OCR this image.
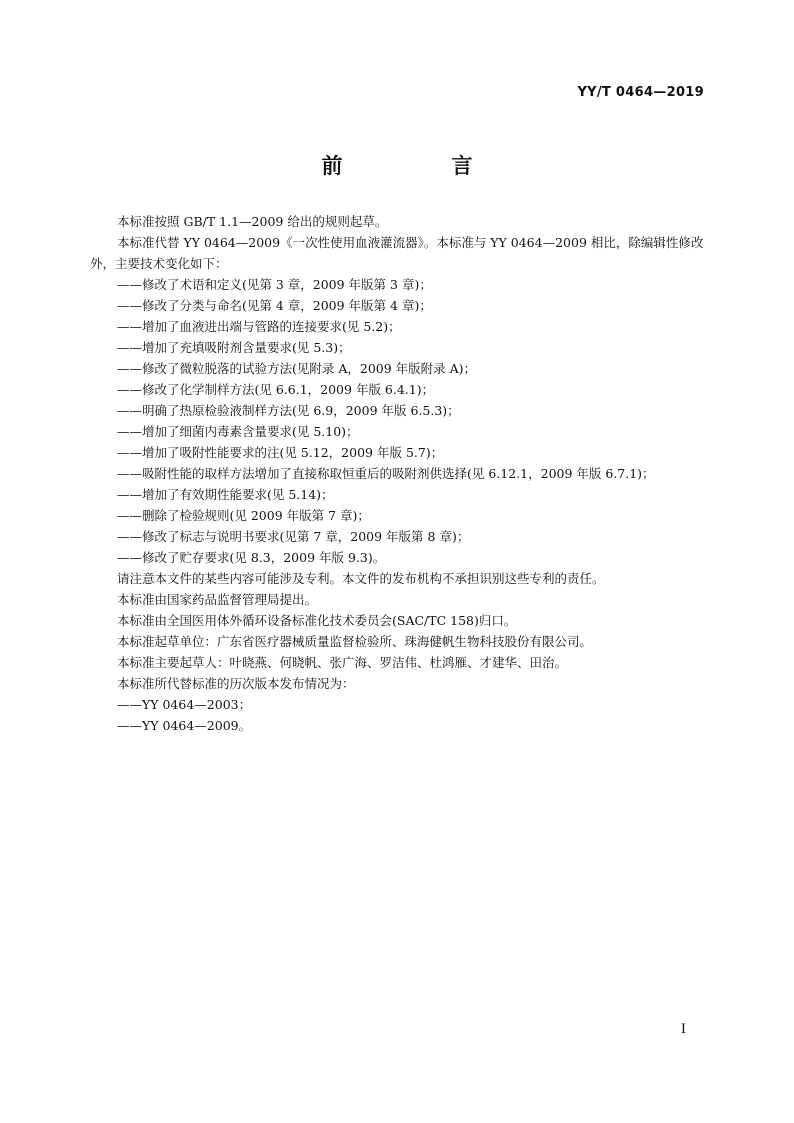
YY/T 0464—2019
前　言

本标准按照 GB/T 1.1—2009 给出的规则起草。

本标准代替 YY 0464—2009《一次性使用血液灌流器》。本标准与 YY 0464—2009 相比，除编辑性修改外，主要技术变化如下：

——修改了术语和定义(见第 3 章，2009 年版第 3 章)；

——修改了分类与命名(见第 4 章，2009 年版第 4 章)；

——增加了血液进出端与管路的连接要求(见 5.2)；

——增加了充填吸附剂含量要求(见 5.3)；

——修改了微粒脱落的试验方法(见附录 A，2009 年版附录 A)；

——修改了化学制样方法(见 6.6.1，2009 年版 6.4.1)；

——明确了热原检验液制样方法(见 6.9，2009 年版 6.5.3)；

——增加了细菌内毒素含量要求(见 5.10)；

——增加了吸附性能要求的注(见 5.12，2009 年版 5.7)；

——吸附性能的取样方法增加了直接称取恒重后的吸附剂供选择(见 6.12.1，2009 年版 6.7.1)；

——增加了有效期性能要求(见 5.14)；

——删除了检验规则(见 2009 年版第 7 章)；

——修改了标志与说明书要求(见第 7 章，2009 年版第 8 章)；

——修改了贮存要求(见 8.3，2009 年版 9.3)。

请注意本文件的某些内容可能涉及专利。本文件的发布机构不承担识别这些专利的责任。

本标准由国家药品监督管理局提出。

本标准由全国医用体外循环设备标准化技术委员会(SAC/TC 158)归口。

本标准起草单位：广东省医疗器械质量监督检验所、珠海健帆生物科技股份有限公司。

本标准主要起草人：叶晓燕、何晓帆、张广海、罗洁伟、杜鸿雁、才建华、田治。

本标准所代替标准的历次版本发布情况为：

——YY 0464—2003；

——YY 0464—2009。

I
